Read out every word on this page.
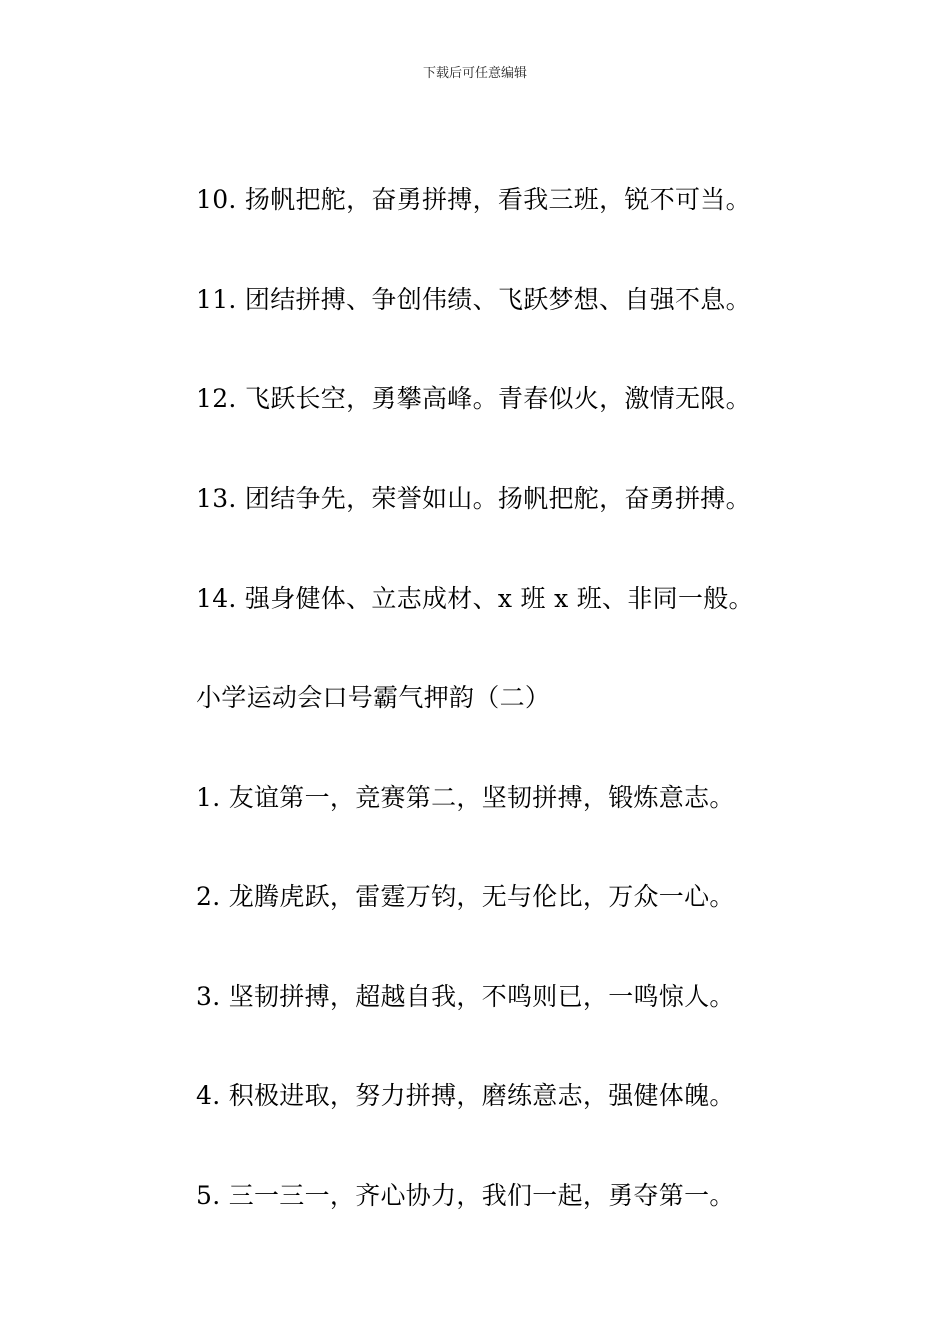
下载后可任意编辑
10. 扬帆把舵，奋勇拼搏，看我三班，锐不可当。
11. 团结拼搏、争创伟绩、飞跃梦想、自强不息。
12. 飞跃长空，勇攀高峰。青春似火，激情无限。
13. 团结争先，荣誉如山。扬帆把舵，奋勇拼搏。
14. 强身健体、立志成材、x 班 x 班、非同一般。
小学运动会口号霸气押韵（二）
1. 友谊第一，竞赛第二，坚韧拼搏，锻炼意志。
2. 龙腾虎跃，雷霆万钧，无与伦比，万众一心。
3. 坚韧拼搏，超越自我，不鸣则已，一鸣惊人。
4. 积极进取，努力拼搏，磨练意志，强健体魄。
5. 三一三一，齐心协力，我们一起，勇夺第一。
